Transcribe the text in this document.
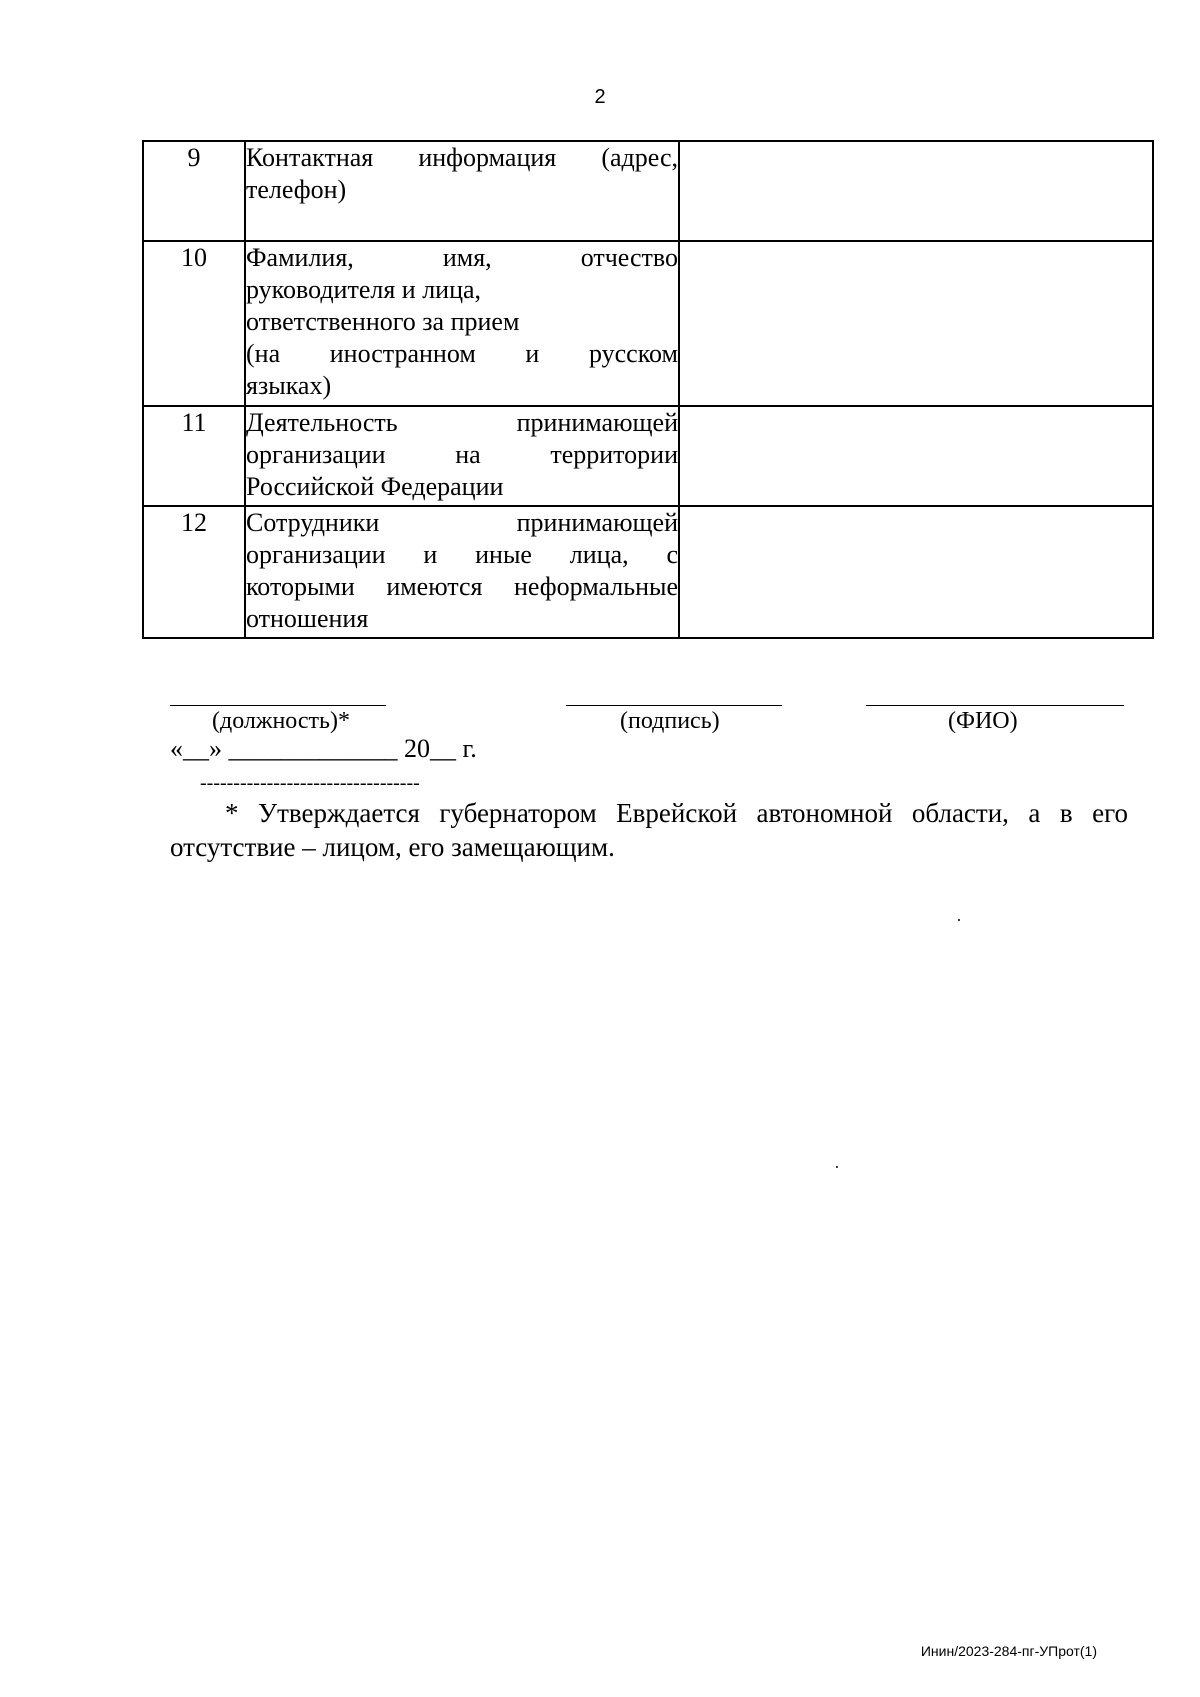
2
9	Контактная информация (адрес,
телефон)	

10	Фамилия, имя, отчество
руководителя и лица,
ответственного за прием
(на иностранном и русском
языках)	

11	Деятельность принимающей
организации на территории
Российской Федерации	

12	Сотрудники принимающей
организации и иные лица, с
которыми имеются неформальные
отношения	

(должность)*	(подпись)	(ФИО)
«__» _____________ 20__ г.
---------------------------------
* Утверждается губернатором Еврейской автономной области, а в его отсутствие – лицом, его замещающим.
Инин/2023-284-пг-УПрот(1)
